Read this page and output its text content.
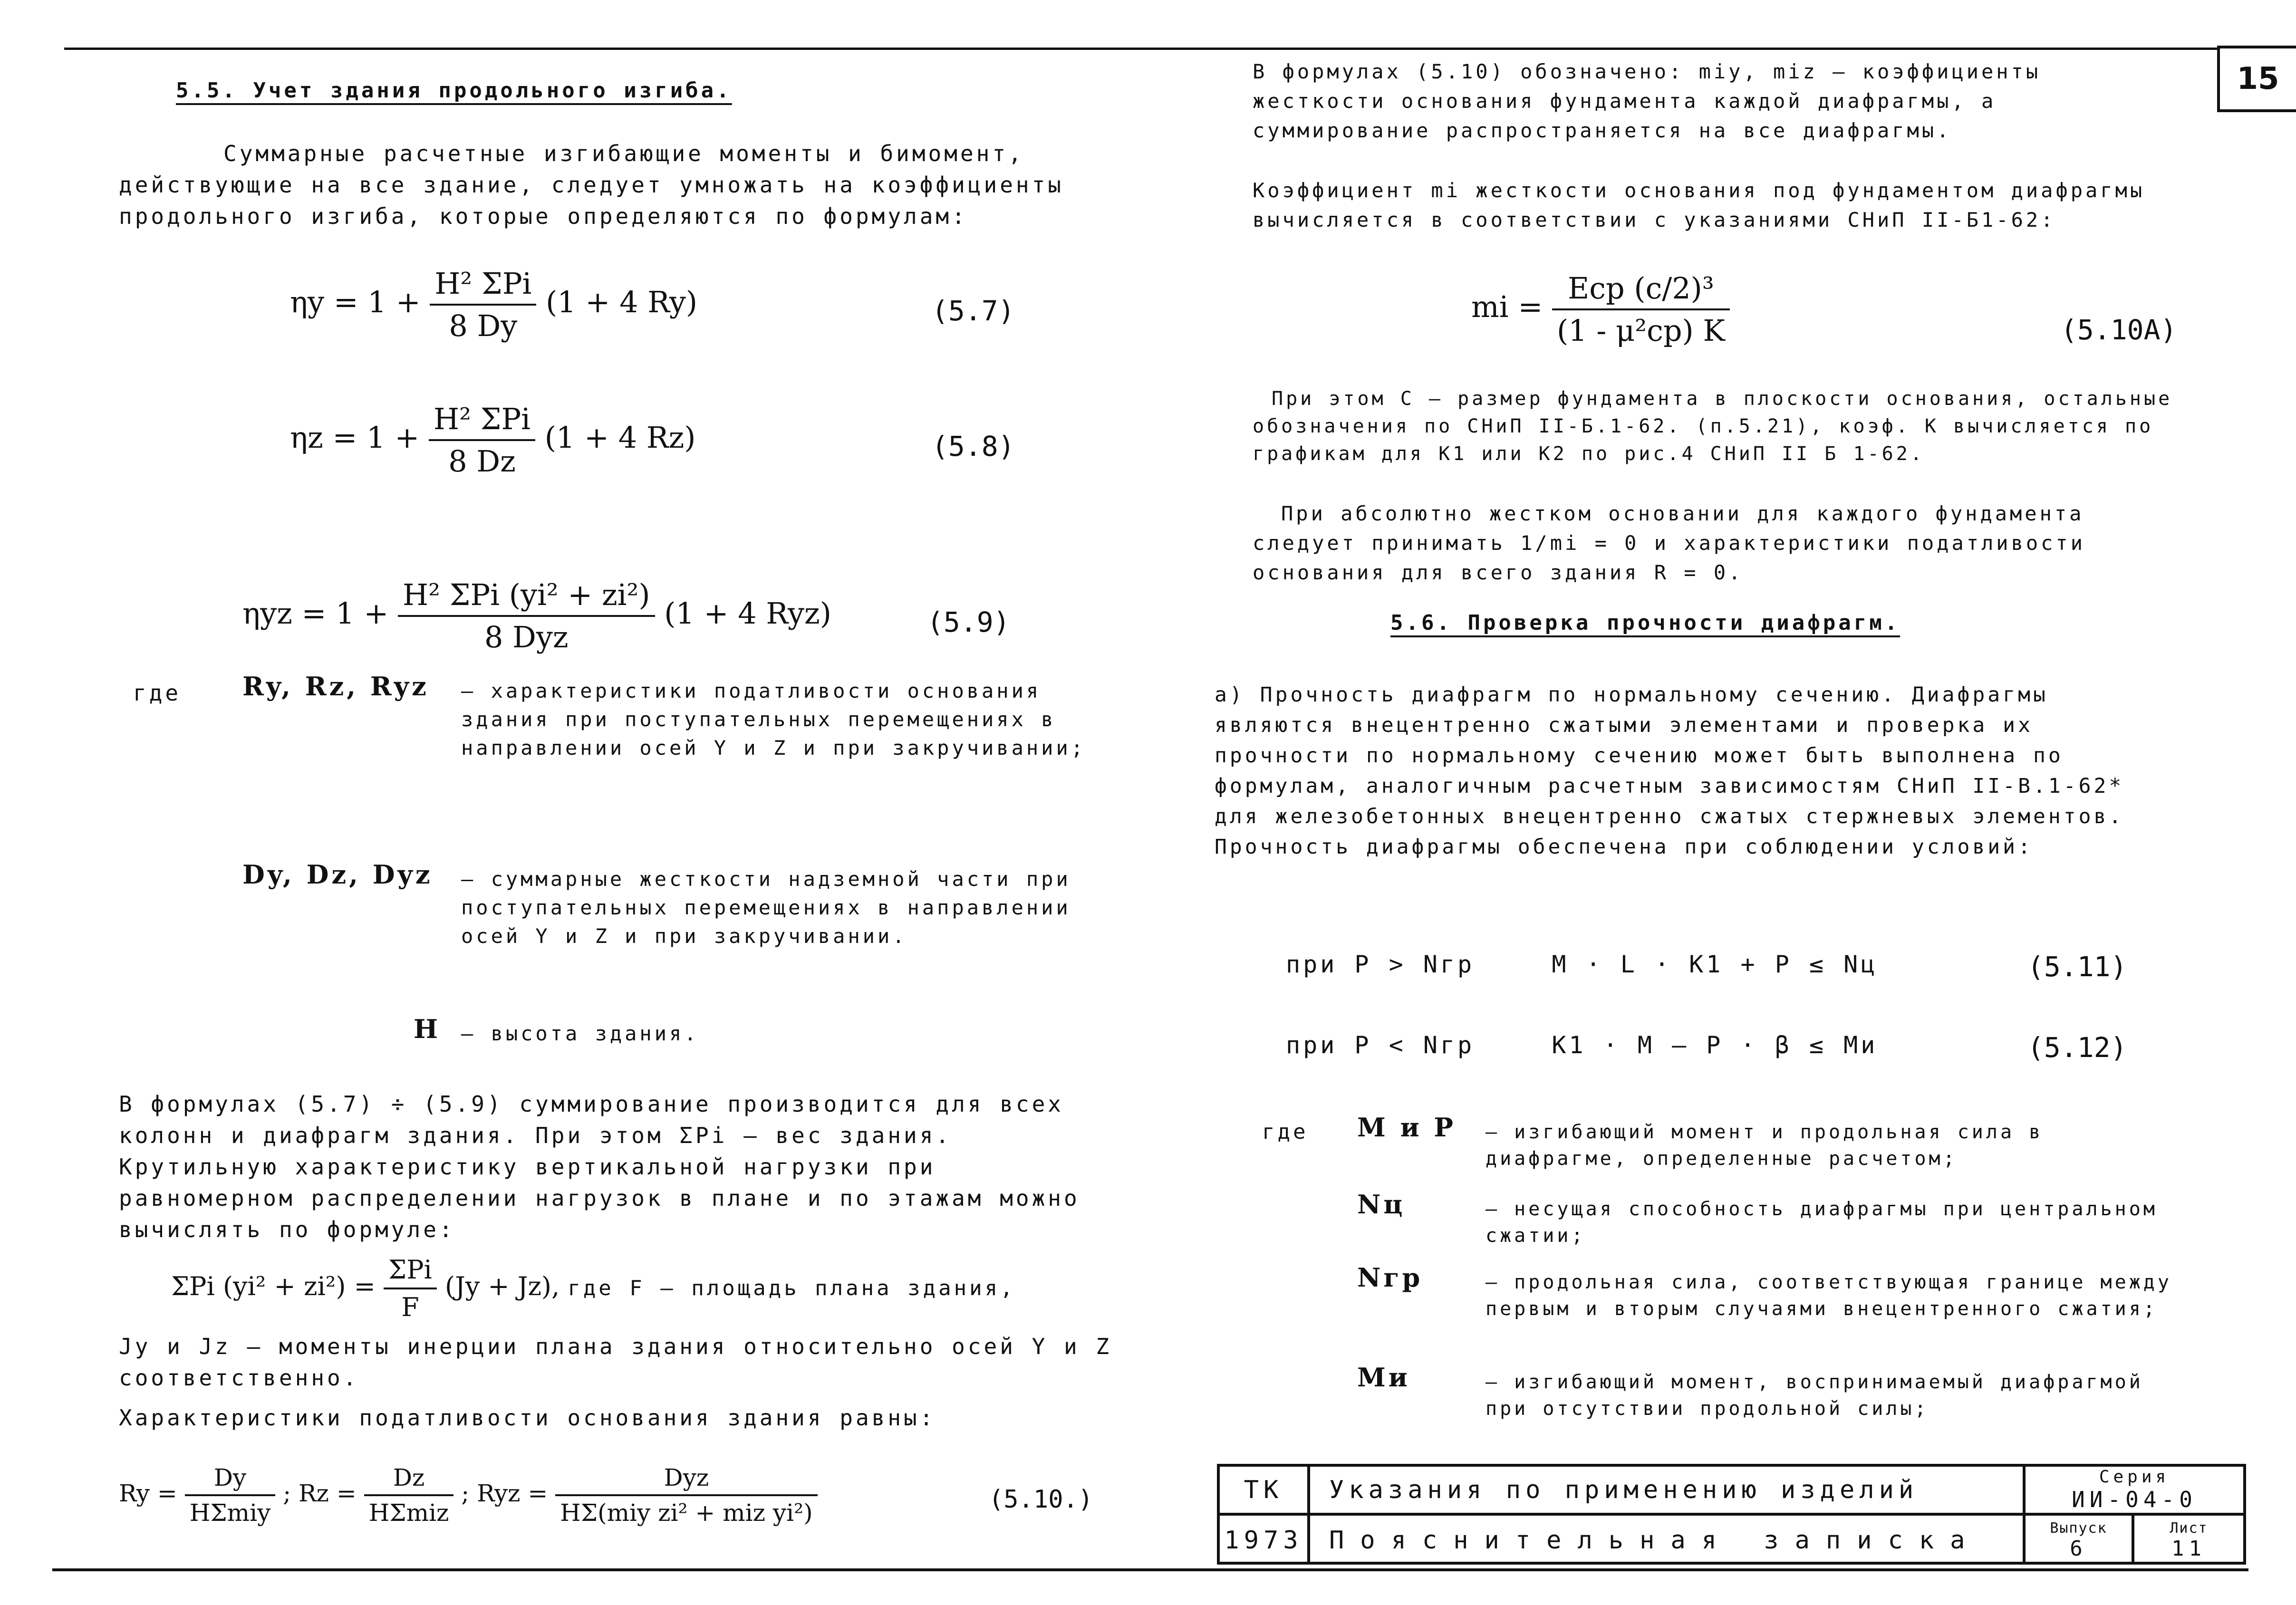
15
5.5. Учет здания продольного изгиба.

Суммарные расчетные изгибающие моменты и бимомент, действующие на все здание, следует умножать на коэффициенты продольного изгиба, которые определяются по формулам:

$\eta y = 1 + \frac{\text{H² ΣPi}}{8 Dy} (1 + 4$ Ry)	(5.7)
$\eta z = 1 + \frac{\text{H² ΣPi}}{8 Dz} (1 + 4$ Rz)	(5.8)
$\eta yz = 1 + \frac{\text{H² ΣPi (yi² + zi²)}}{\text{8 Dyz}} (1 + 4$ Ryz)	(5.9)
где Ry, Rz, Ryz – характеристики податливости основания здания при поступательных перемещениях в направлении осей Y и Z и при закручивании;
Dy, Dz, Dyz – суммарные жесткости надземной части при поступательных перемещениях в направлении осей Y и Z и при закручивании.
H – высота здания.

В формулах (5.7) ÷ (5.9) суммирование производится для всех колонн и диафрагм здания. При этом ΣPi – вес здания. Крутильную характеристику вертикальной нагрузки при равномерном распределении нагрузок в плане и по этажам можно вычислять по формуле:

ΣPi $(yi^2 + zi^2) = \frac{\text{ΣPi}}{F} (Jy + Jz)$, где F – площадь плана здания,

Jy и Jz – моменты инерции плана здания относительно осей Y и Z соответственно.

Характеристики податливости основания здания равны:

$Ry = \frac{Dy}{\text{HΣmiy}}$ ; $Rz = \frac{Dz}{\text{HΣmiz}}$ ; Ryz = $\frac{\text{Dyz}}{\text{HΣ(miy zi² + miz yi²)}}$	(5.10.)

В формулах (5.10) обозначено: miy, miz – коэффициенты жесткости основания фундамента каждой диафрагмы, а суммирование распространяется на все диафрагмы.

Коэффициент mi жесткости основания под фундаментом диафрагмы вычисляется в соответствии с указаниями СНиП II-Б1-62:

mi = $\frac{\text{Eср (c/2)³}}{\text{(1 - μ²ср) K}}$	(5.10A)

При этом C – размер фундамента в плоскости основания, остальные обозначения по СНиП II-Б.1-62. (п.5.21), коэф. K вычисляется по графикам для K1 или K2 по рис.4 СНиП II Б 1-62.

При абсолютно жестком основании для каждого фундамента следует принимать 1/mi = 0 и характеристики податливости основания для всего здания R = 0.

5.6. Проверка прочности диафрагм.

а) Прочность диафрагм по нормальному сечению. Диафрагмы являются внецентренно сжатыми элементами и проверка их прочности по нормальному сечению может быть выполнена по формулам, аналогичным расчетным зависимостям СНиП II-В.1-62* для железобетонных внецентренно сжатых стержневых элементов. Прочность диафрагмы обеспечена при соблюдении условий:

при P > Nгр	M · L · K1 + P ≤ Nц	(5.11)
при P < Nгр	K1 · M – P · β ≤ Mи	(5.12)
где M и P – изгибающий момент и продольная сила в диафрагме, определенные расчетом;
Nц	– несущая способность диафрагмы при центральном сжатии;
Nгр	– продольная сила, соответствующая границе между первым и вторым случаями внецентренного сжатия;
Mи	– изгибающий момент, воспринимаемый диафрагмой при отсутствии продольной силы;
ТК
1973
Указания по применению изделий
Пояснительная записка
Серия
ИИ-04-0
Выпуск
6
Лист
11
